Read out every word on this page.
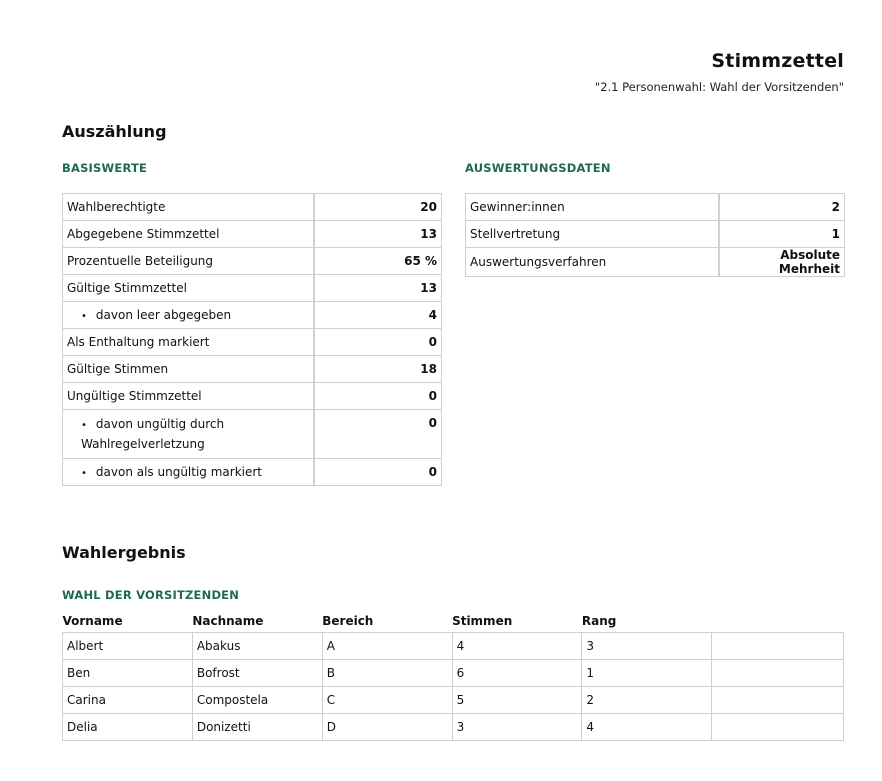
Stimmzettel
"2.1 Personenwahl: Wahl der Vorsitzenden"
Auszählung
BASISWERTE	AUSWERTUNGSDATEN
Wahlberechtigte	20
Abgegebene Stimmzettel	13
Prozentuelle Beteiligung	65 %
Gültige Stimmzettel	13
• davon leer abgegeben	4
Als Enthaltung markiert	0
Gültige Stimmen	18
Ungültige Stimmzettel	0
• davon ungültig durch Wahlregelverletzung	0
• davon als ungültig markiert	0
Gewinner:innen	2
Stellvertretung	1
Auswertungsverfahren	Absolute Mehrheit
Wahlergebnis
WAHL DER VORSITZENDEN
Vorname	Nachname	Bereich	Stimmen	Rang	
Albert	Abakus	A	4	3	
Ben	Bofrost	B	6	1	
Carina	Compostela	C	5	2	
Delia	Donizetti	D	3	4	
